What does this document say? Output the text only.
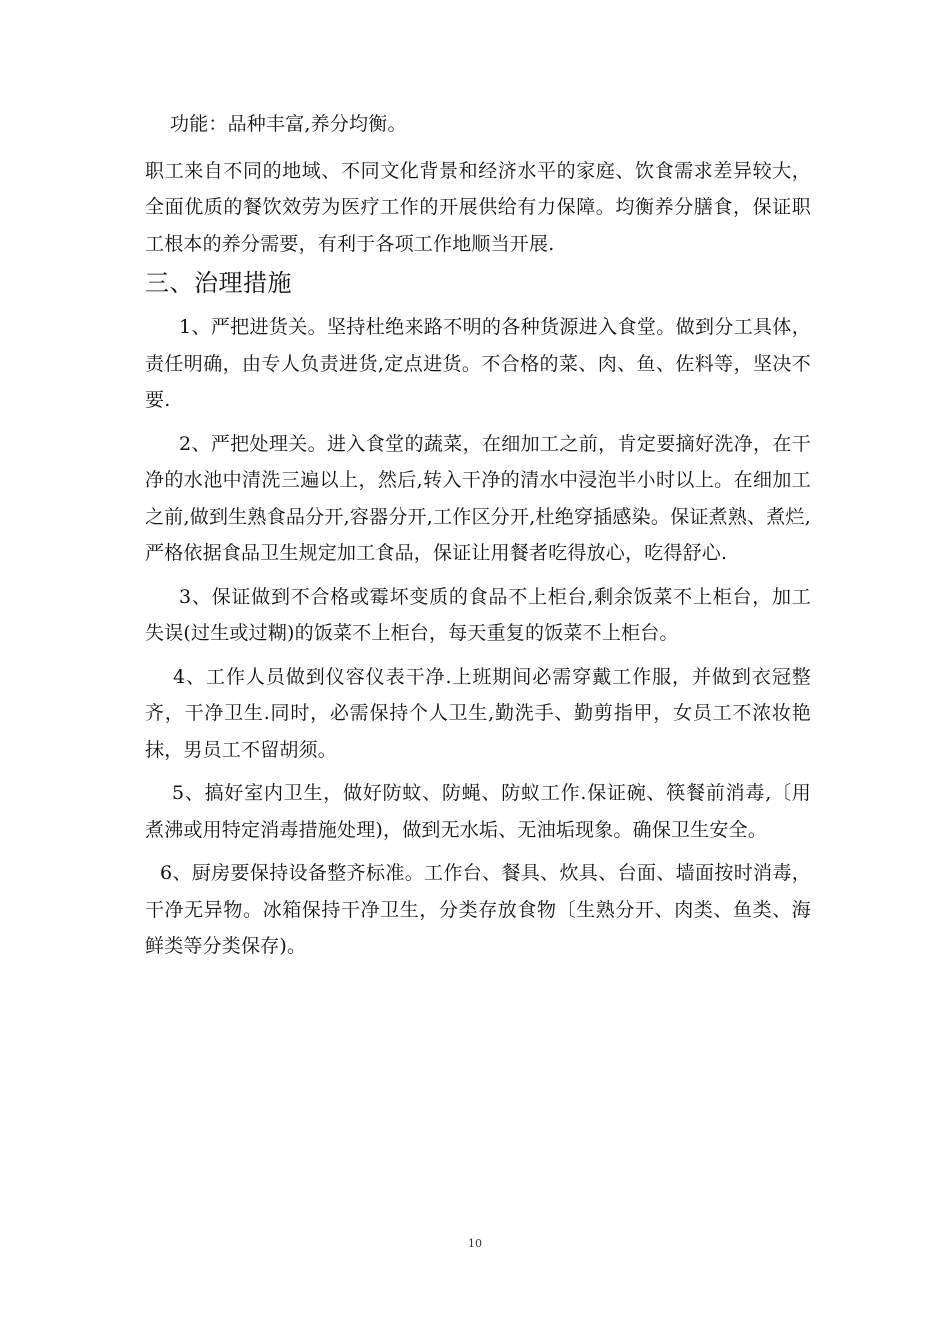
功能：品种丰富,养分均衡。

职工来自不同的地域、不同文化背景和经济水平的家庭、饮食需求差异较大，全面优质的餐饮效劳为医疗工作的开展供给有力保障。均衡养分膳食，保证职工根本的养分需要，有利于各项工作地顺当开展.

三、治理措施

1、严把进货关。坚持杜绝来路不明的各种货源进入食堂。做到分工具体，责任明确，由专人负责进货,定点进货。不合格的菜、肉、鱼、佐料等，坚决不要.

2、严把处理关。进入食堂的蔬菜，在细加工之前，肯定要摘好洗净，在干净的水池中清洗三遍以上，然后,转入干净的清水中浸泡半小时以上。在细加工之前,做到生熟食品分开,容器分开,工作区分开,杜绝穿插感染。保证煮熟、煮烂,严格依据食品卫生规定加工食品，保证让用餐者吃得放心，吃得舒心.

3、保证做到不合格或霉坏变质的食品不上柜台,剩余饭菜不上柜台，加工失误(过生或过糊)的饭菜不上柜台，每天重复的饭菜不上柜台。

4、工作人员做到仪容仪表干净.上班期间必需穿戴工作服，并做到衣冠整齐，干净卫生.同时，必需保持个人卫生,勤洗手、勤剪指甲，女员工不浓妆艳抹，男员工不留胡须。

5、搞好室内卫生，做好防蚊、防蝇、防蚁工作.保证碗、筷餐前消毒,〔用煮沸或用特定消毒措施处理)，做到无水垢、无油垢现象。确保卫生安全。

6、厨房要保持设备整齐标准。工作台、餐具、炊具、台面、墙面按时消毒，干净无异物。冰箱保持干净卫生，分类存放食物〔生熟分开、肉类、鱼类、海鲜类等分类保存)。

10
